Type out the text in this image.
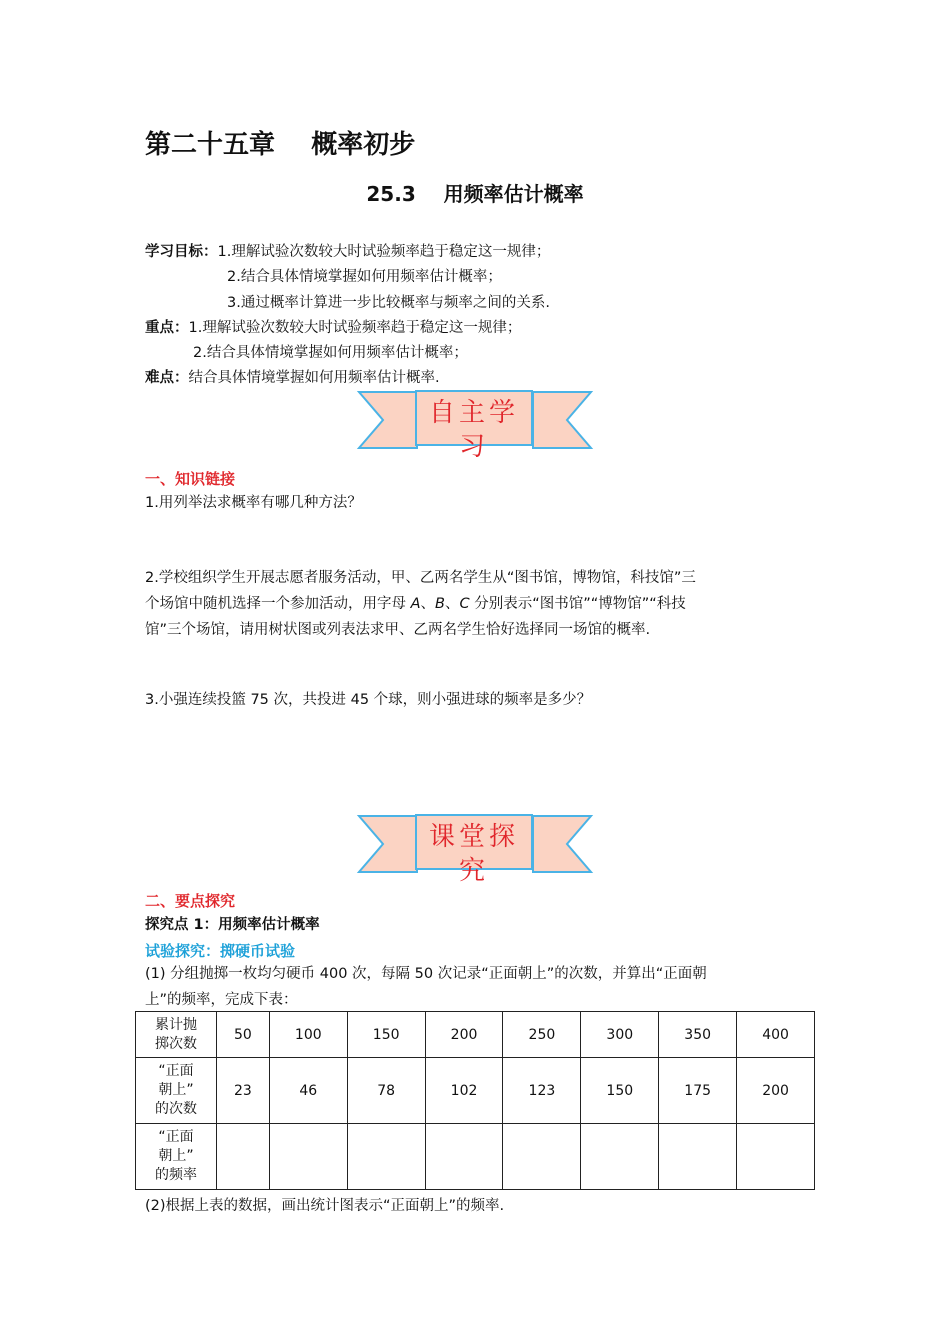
第二十五章    概率初步
25.3    用频率估计概率
学习目标：1.理解试验次数较大时试验频率趋于稳定这一规律；
2.结合具体情境掌握如何用频率估计概率；
3.通过概率计算进一步比较概率与频率之间的关系.
重点：1.理解试验次数较大时试验频率趋于稳定这一规律；
2.结合具体情境掌握如何用频率估计概率；
难点：结合具体情境掌握如何用频率估计概率.
自主学习
一、知识链接
1.用列举法求概率有哪几种方法？
2.学校组织学生开展志愿者服务活动，甲、乙两名学生从“图书馆，博物馆，科技馆”三
个场馆中随机选择一个参加活动，用字母 A、B、C 分别表示“图书馆”“博物馆”“科技
馆”三个场馆，请用树状图或列表法求甲、乙两名学生恰好选择同一场馆的概率.
3.小强连续投篮 75 次，共投进 45 个球，则小强进球的频率是多少？
课堂探究
二、要点探究
探究点 1：用频率估计概率
试验探究：掷硬币试验
(1) 分组抛掷一枚均匀硬币 400 次，每隔 50 次记录“正面朝上”的次数，并算出“正面朝
上”的频率，完成下表：
累计抛
掷次数	50	100	150	200	250	300	350	400

“正面
朝上”
的次数	23	46	78	102	123	150	175	200

“正面
朝上”
的频率								

(2)根据上表的数据，画出统计图表示“正面朝上”的频率.
